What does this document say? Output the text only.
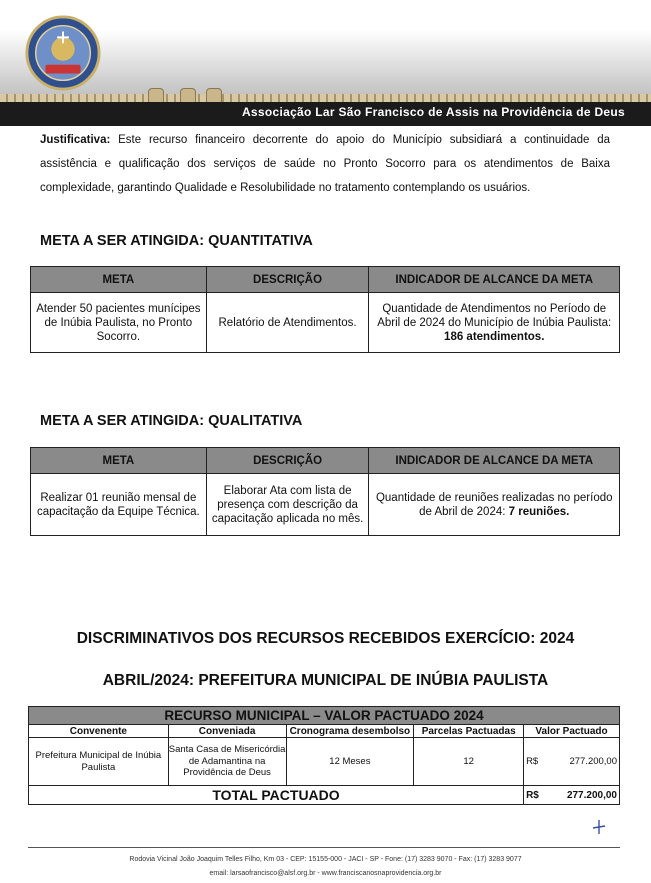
Associação Lar São Francisco de Assis na Providência de Deus

Justificativa: Este recurso financeiro decorrente do apoio do Município subsidiará a continuidade da assistência e qualificação dos serviços de saúde no Pronto Socorro para os atendimentos de Baixa complexidade, garantindo Qualidade e Resolubilidade no tratamento contemplando os usuários.

META A SER ATINGIDA: QUANTITATIVA
META	DESCRIÇÃO	INDICADOR DE ALCANCE DA META
Atender 50 pacientes munícipes de Inúbia Paulista, no Pronto Socorro.	Relatório de Atendimentos.	Quantidade de Atendimentos no Período de Abril de 2024 do Município de Inúbia Paulista: 186 atendimentos.
META A SER ATINGIDA: QUALITATIVA
META	DESCRIÇÃO	INDICADOR DE ALCANCE DA META
Realizar 01 reunião mensal de capacitação da Equipe Técnica.	Elaborar Ata com lista de presença com descrição da capacitação aplicada no mês.	Quantidade de reuniões realizadas no período de Abril de 2024: 7 reuniões.
DISCRIMINATIVOS DOS RECURSOS RECEBIDOS EXERCÍCIO: 2024
ABRIL/2024: PREFEITURA MUNICIPAL DE INÚBIA PAULISTA
RECURSO MUNICIPAL – VALOR PACTUADO 2024				
Convenente	Conveniada	Cronograma desembolso	Parcelas Pactuadas	Valor Pactuado
Prefeitura Municipal de Inúbia Paulista	Santa Casa de Misericórdia de Adamantina na Providência de Deus	12 Meses	12	R$ 277.200,00

TOTAL PACTUADO				R$ 277.200,00
Rodovia Vicinal João Joaquim Telles Filho, Km 03 - CEP: 15155-000 - JACI - SP - Fone: (17) 3283 9070 - Fax: (17) 3283 9077
email: larsaofrancisco@alsf.org.br - www.franciscanosnaprovidencia.org.br
